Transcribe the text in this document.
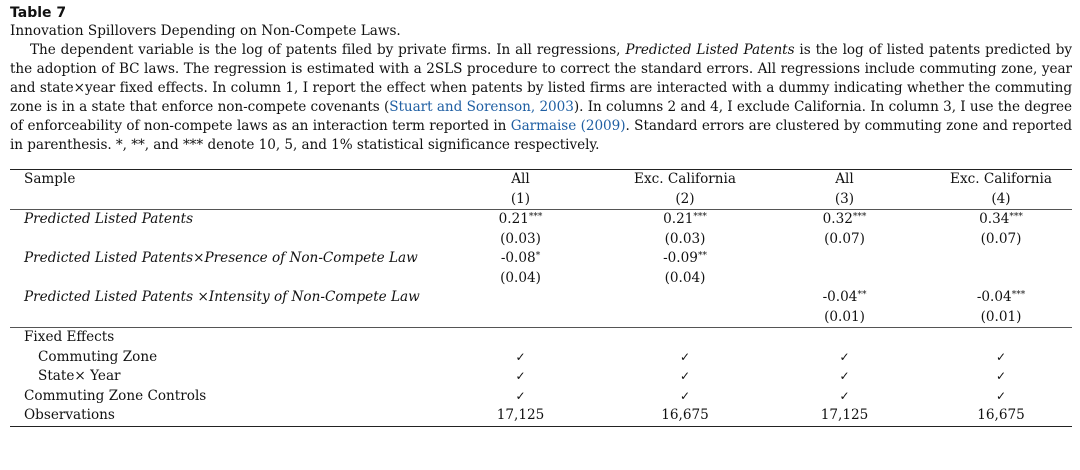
Table 7

Innovation Spillovers Depending on Non-Compete Laws.

The dependent variable is the log of patents filed by private firms. In all regressions, Predicted Listed Patents is the log of listed patents predicted by the adoption of BC laws. The regression is estimated with a 2SLS procedure to correct the standard errors. All regressions include commuting zone, year and state×year fixed effects. In column 1, I report the effect when patents by listed firms are interacted with a dummy indicating whether the commuting zone is in a state that enforce non-compete covenants (Stuart and Sorenson, 2003). In columns 2 and 4, I exclude California. In column 3, I use the degree of enforceability of non-compete laws as an interaction term reported in Garmaise (2009). Standard errors are clustered by commuting zone and reported in parenthesis. *, **, and *** denote 10, 5, and 1% statistical significance respectively.

Sample	All	Exc. California	All	Exc. California
	(1)	(2)	(3)	(4)
Predicted Listed Patents	0.21***	0.21***	0.32***	0.34***
	(0.03)	(0.03)	(0.07)	(0.07)
Predicted Listed Patents×Presence of Non-Compete Law	-0.08*	-0.09**		
	(0.04)	(0.04)		
Predicted Listed Patents ×Intensity of Non-Compete Law			-0.04**	-0.04***
			(0.01)	(0.01)
Fixed Effects				
Commuting Zone	✓	✓	✓	✓
State× Year	✓	✓	✓	✓
Commuting Zone Controls	✓	✓	✓	✓
Observations	17,125	16,675	17,125	16,675
